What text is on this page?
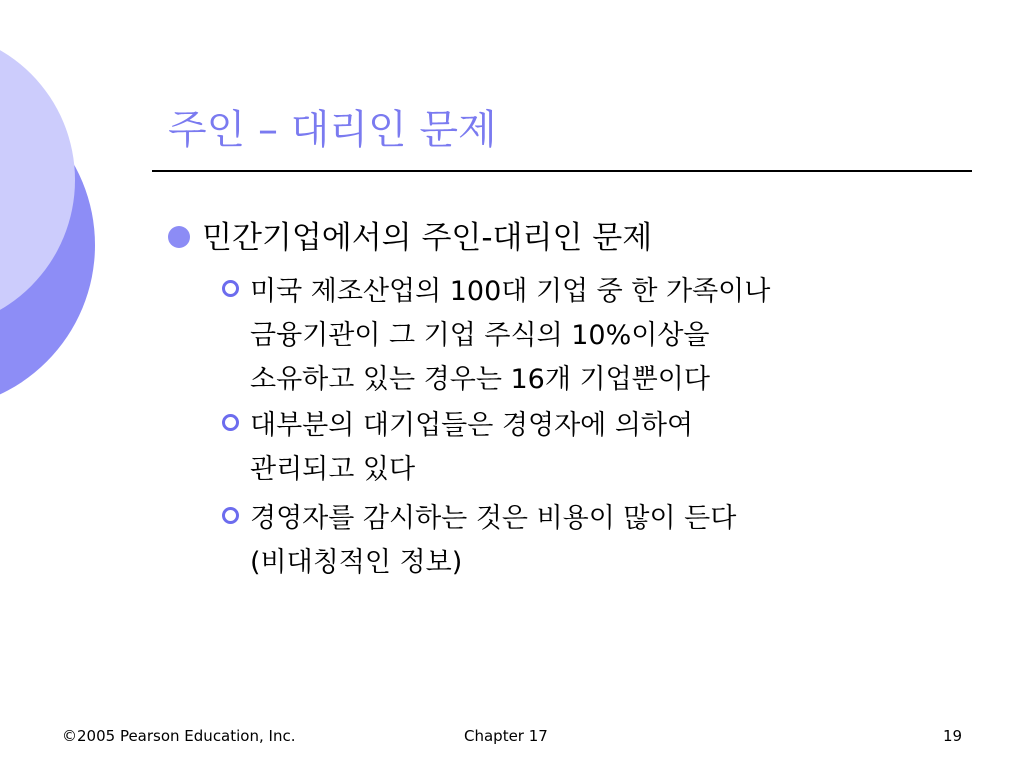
주인 – 대리인 문제
민간기업에서의 주인-대리인 문제
미국 제조산업의 100대 기업 중 한 가족이나
금융기관이 그 기업 주식의 10%이상을
소유하고 있는 경우는 16개 기업뿐이다
대부분의 대기업들은 경영자에 의하여
관리되고 있다
경영자를 감시하는 것은 비용이 많이 든다
(비대칭적인 정보)
©2005 Pearson Education, Inc.	Chapter 17	19
